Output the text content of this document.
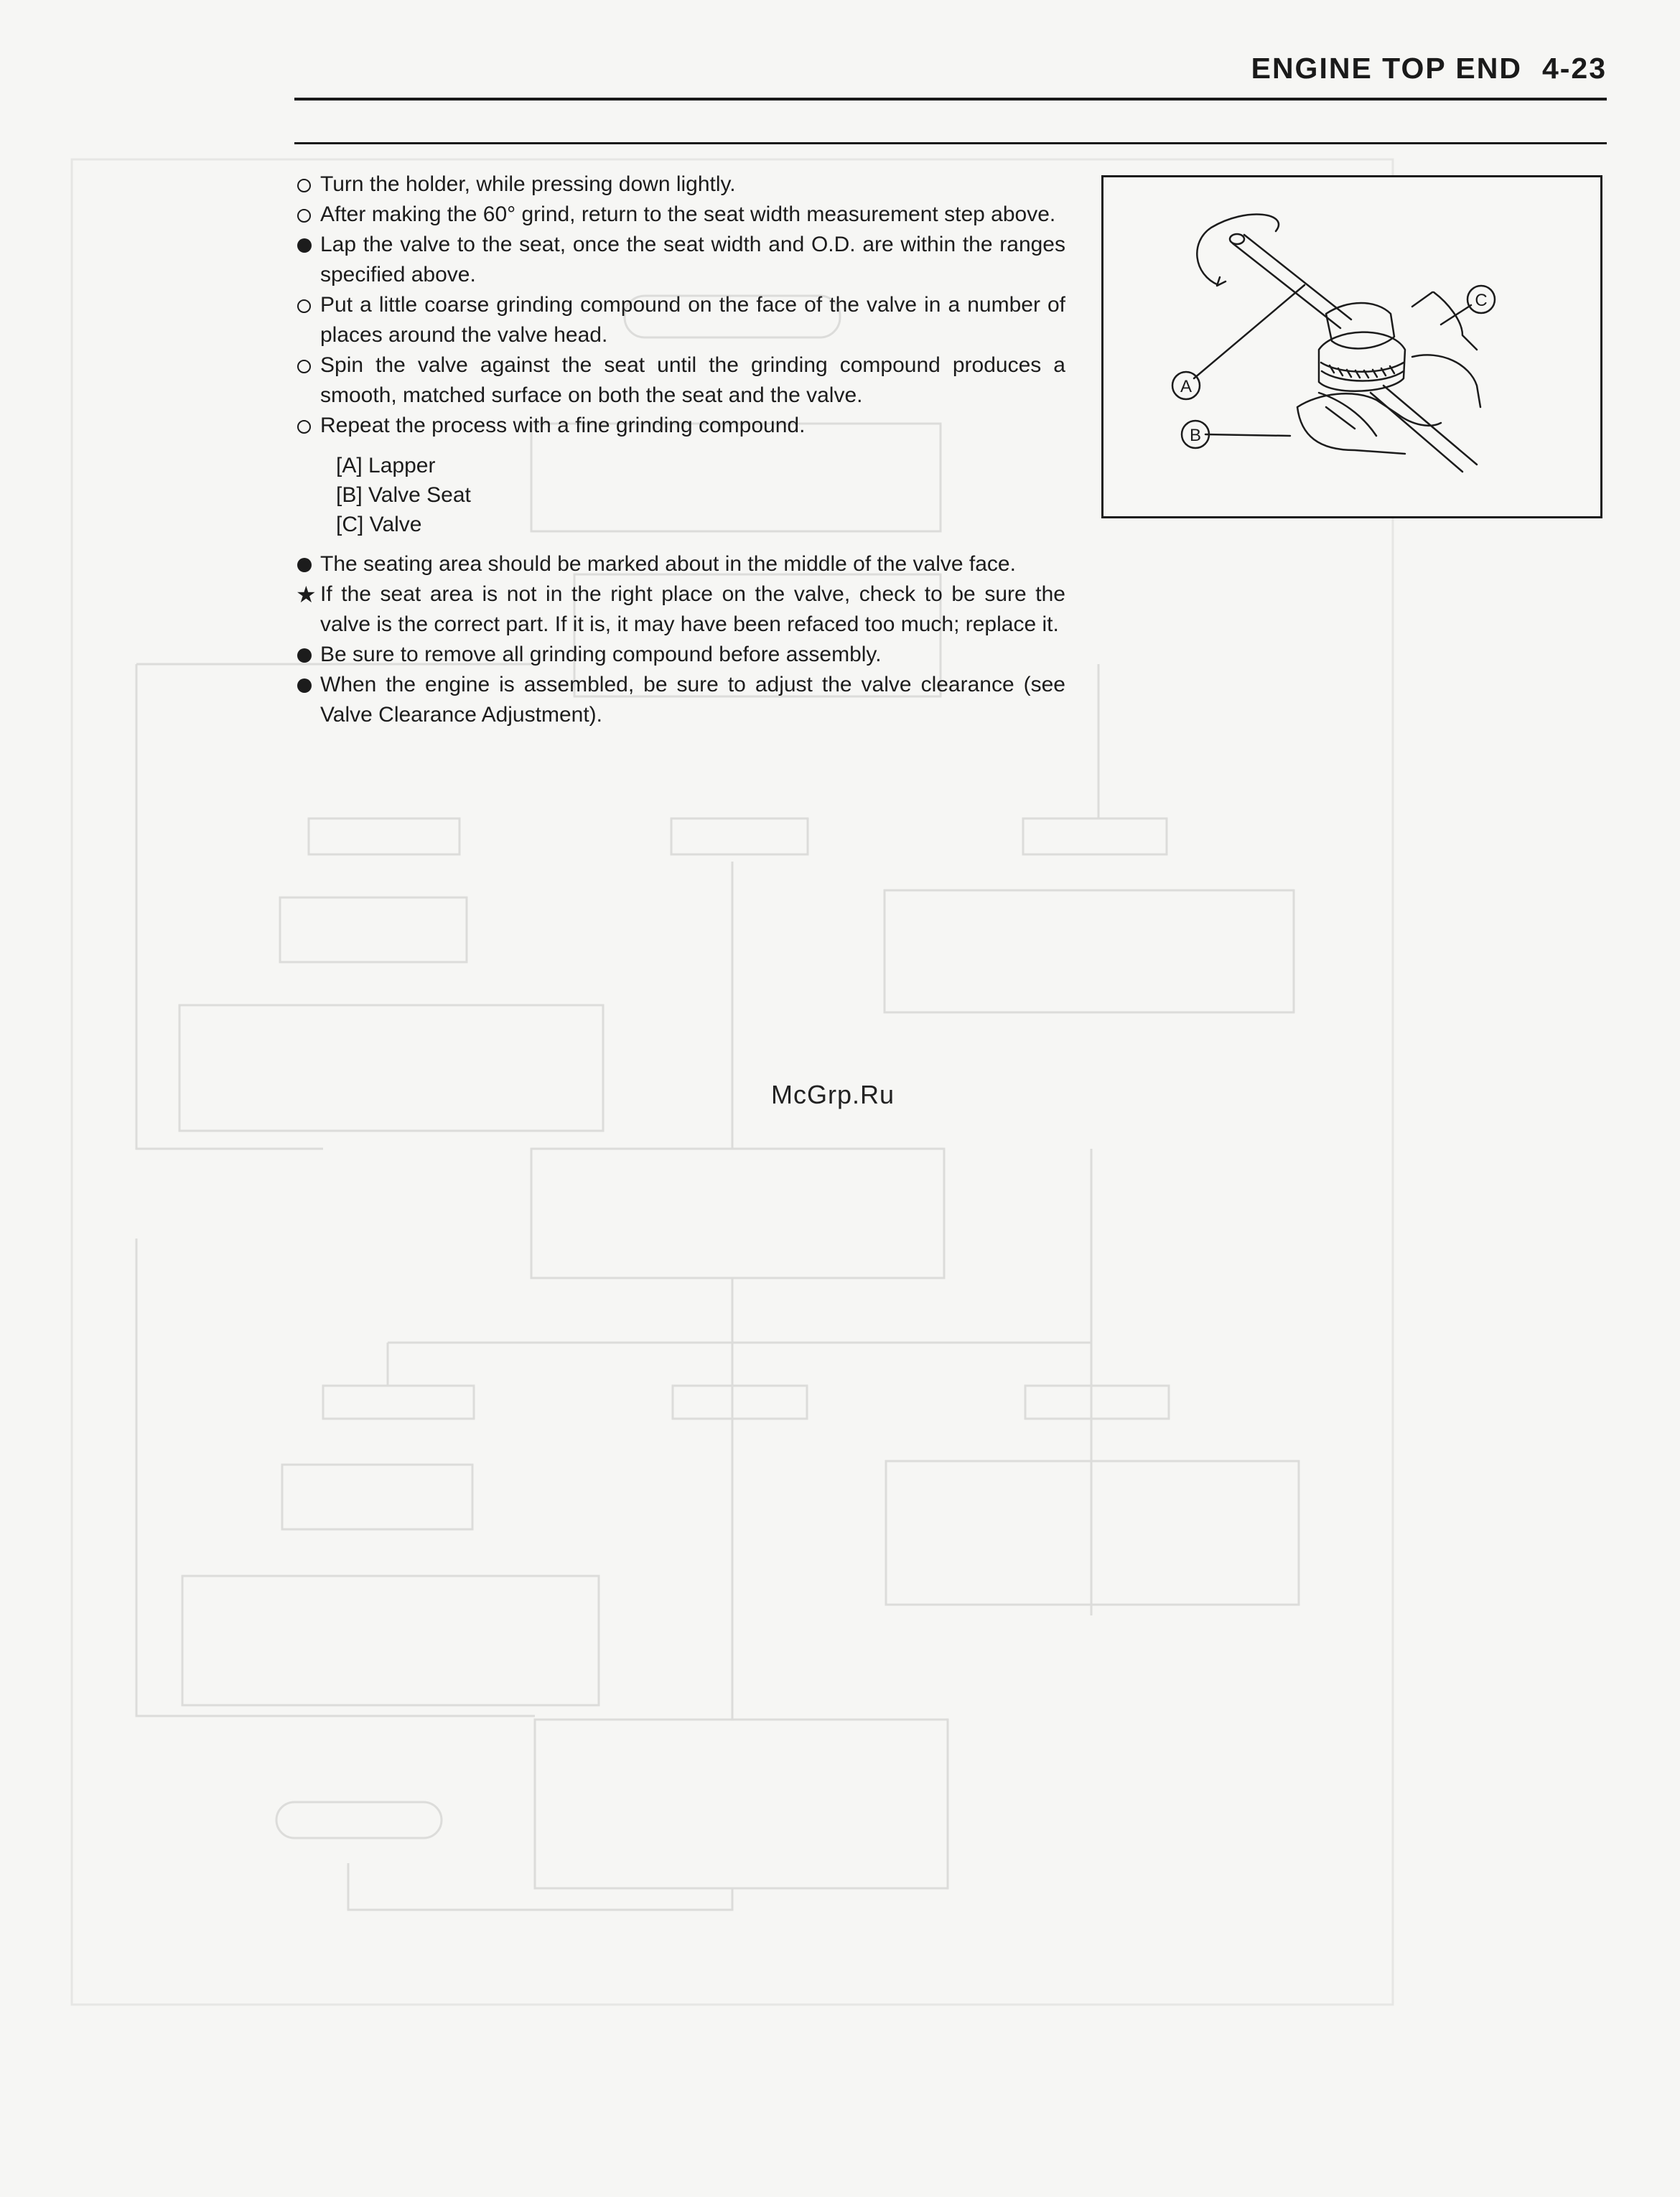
ENGINE TOP END 4-23
Turn the holder, while pressing down lightly.
After making the 60° grind, return to the seat width measurement step above.
Lap the valve to the seat, once the seat width and O.D. are within the ranges specified above.
Put a little coarse grinding compound on the face of the valve in a number of places around the valve head.
Spin the valve against the seat until the grinding compound produces a smooth, matched surface on both the seat and the valve.
Repeat the process with a fine grinding compound.
[A] Lapper
[B] Valve Seat
[C] Valve
The seating area should be marked about in the middle of the valve face.
★ If the seat area is not in the right place on the valve, check to be sure the valve is the correct part. If it is, it may have been refaced too much; replace it.
Be sure to remove all grinding compound before assembly.
When the engine is assembled, be sure to adjust the valve clearance (see Valve Clearance Adjustment).
A
B
C
McGrp.Ru
